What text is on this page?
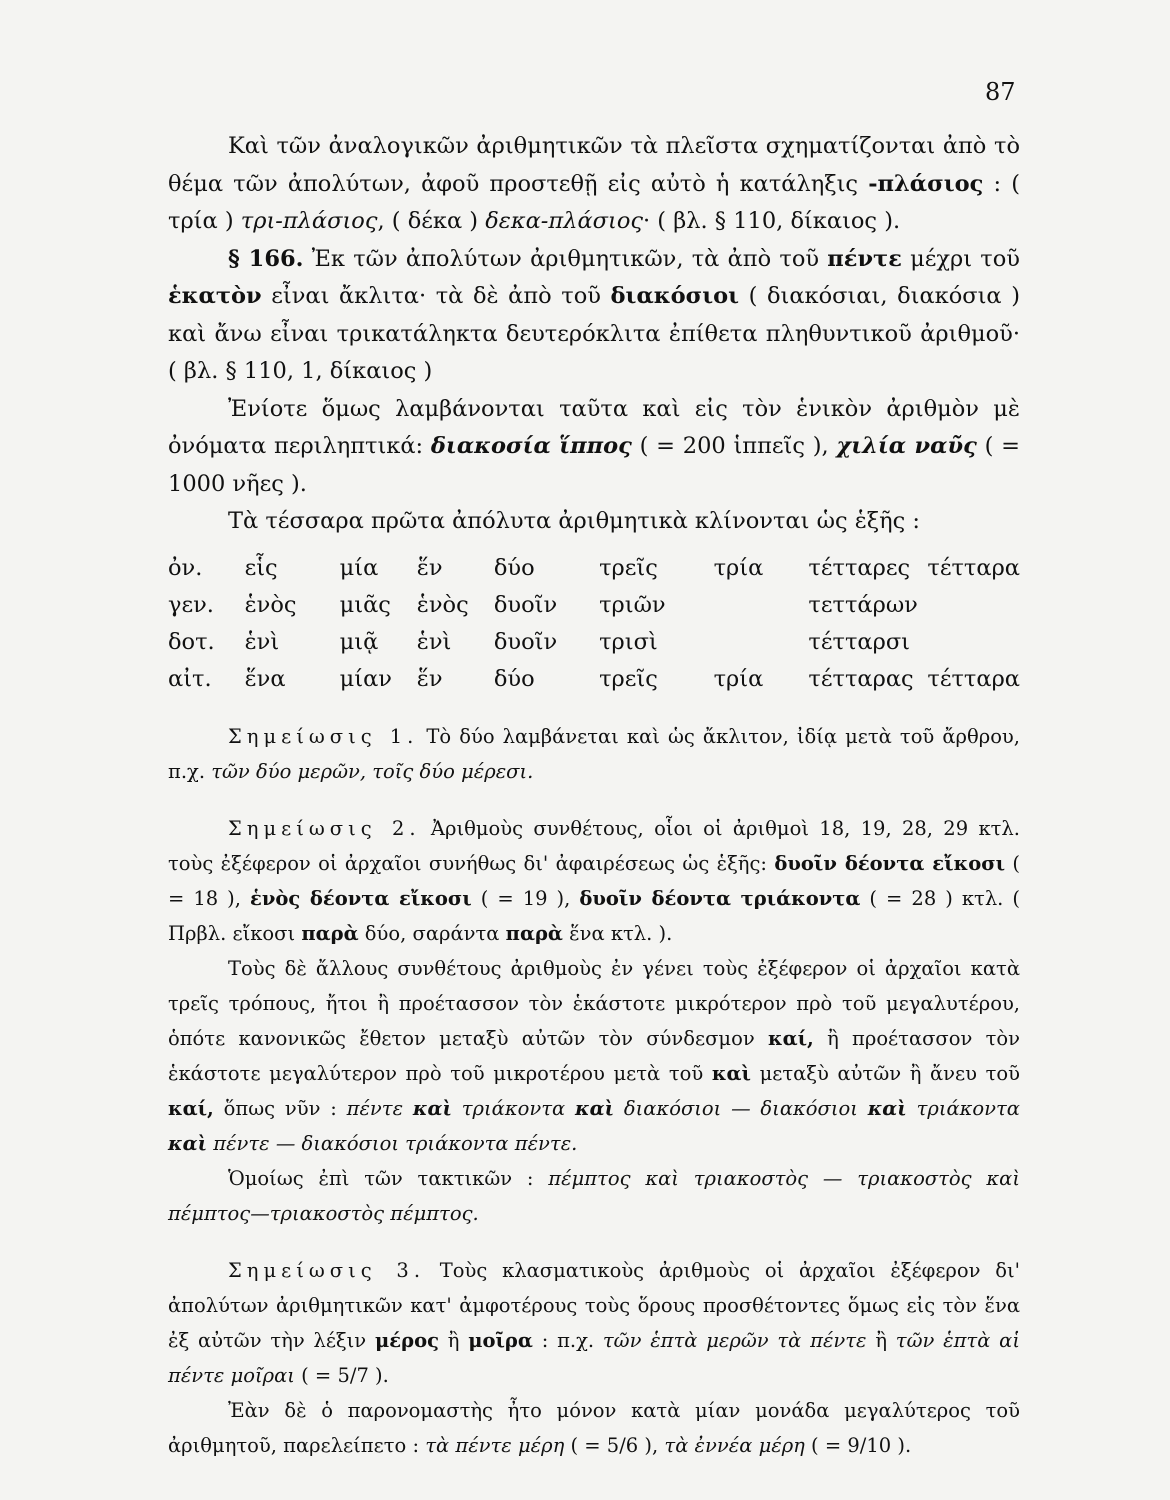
87

Καὶ τῶν ἀναλογικῶν ἀριθμητικῶν τὰ πλεῖστα σχηματίζονται ἀπὸ τὸ θέμα τῶν ἀπολύτων, ἀφοῦ προστεθῇ εἰς αὐτὸ ἡ κατάληξις -πλάσιος : ( τρία ) τρι-πλάσιος, ( δέκα ) δεκα-πλάσιος· ( βλ. § 110, δίκαιος ).

§ 166. Ἐκ τῶν ἀπολύτων ἀριθμητικῶν, τὰ ἀπὸ τοῦ πέντε μέχρι τοῦ ἑκατὸν εἶναι ἄκλιτα· τὰ δὲ ἀπὸ τοῦ διακόσιοι ( διακόσιαι, διακόσια ) καὶ ἄνω εἶναι τρικατάληκτα δευτερόκλιτα ἐπίθετα πληθυντικοῦ ἀριθμοῦ· ( βλ. § 110, 1, δίκαιος )

Ἐνίοτε ὅμως λαμβάνονται ταῦτα καὶ εἰς τὸν ἑνικὸν ἀριθμὸν μὲ ὀνόματα περιληπτικά: διακοσία ἵππος ( = 200 ἱππεῖς ), χιλία ναῦς ( = 1000 νῆες ).

Τὰ τέσσαρα πρῶτα ἀπόλυτα ἀριθμητικὰ κλίνονται ὡς ἑξῆς :

ὀν.	εἷς	μία	ἕν	δύο	τρεῖς	τρία	τέτταρες	τέτταρα
γεν.	ἑνὸς	μιᾶς	ἑνὸς	δυοῖν	τριῶν		τεττάρων	
δοτ.	ἑνὶ	μιᾷ	ἑνὶ	δυοῖν	τρισὶ		τέτταρσι	
αἰτ.	ἕνα	μίαν	ἕν	δύο	τρεῖς	τρία	τέτταρας	τέτταρα

Σημείωσις 1. Τὸ δύο λαμβάνεται καὶ ὡς ἄκλιτον, ἰδίᾳ μετὰ τοῦ ἄρθρου, π.χ. τῶν δύο μερῶν, τοῖς δύο μέρεσι.

Σημείωσις 2. Ἀριθμοὺς συνθέτους, οἷοι οἱ ἀριθμοὶ 18, 19, 28, 29 κτλ. τοὺς ἐξέφερον οἱ ἀρχαῖοι συνήθως δι' ἀφαιρέσεως ὡς ἑξῆς: δυοῖν δέοντα εἴκοσι ( = 18 ), ἑνὸς δέοντα εἴκοσι ( = 19 ), δυοῖν δέοντα τριάκοντα ( = 28 ) κτλ. ( Πρβλ. εἴκοσι παρὰ δύο, σαράντα παρὰ ἕνα κτλ. ).

Τοὺς δὲ ἄλλους συνθέτους ἀριθμοὺς ἐν γένει τοὺς ἐξέφερον οἱ ἀρχαῖοι κατὰ τρεῖς τρόπους, ἤτοι ἢ προέτασσον τὸν ἑκάστοτε μικρότερον πρὸ τοῦ μεγαλυτέρου, ὁπότε κανονικῶς ἔθετον μεταξὺ αὐτῶν τὸν σύνδεσμον καί, ἢ προέτασσον τὸν ἑκάστοτε μεγαλύτερον πρὸ τοῦ μικροτέρου μετὰ τοῦ καὶ μεταξὺ αὐτῶν ἢ ἄνευ τοῦ καί, ὅπως νῦν : πέντε καὶ τριάκοντα καὶ διακόσιοι — διακόσιοι καὶ τριάκοντα καὶ πέντε — διακόσιοι τριάκοντα πέντε.

Ὁμοίως ἐπὶ τῶν τακτικῶν : πέμπτος καὶ τριακοστὸς — τριακοστὸς καὶ πέμπτος—τριακοστὸς πέμπτος.

Σημείωσις 3. Τοὺς κλασματικοὺς ἀριθμοὺς οἱ ἀρχαῖοι ἐξέφερον δι' ἀπολύτων ἀριθμητικῶν κατ' ἀμφοτέρους τοὺς ὅρους προσθέτοντες ὅμως εἰς τὸν ἕνα ἐξ αὐτῶν τὴν λέξιν μέρος ἢ μοῖρα : π.χ. τῶν ἑπτὰ μερῶν τὰ πέντε ἢ τῶν ἑπτὰ αἱ πέντε μοῖραι ( = 5/7 ).

Ἐὰν δὲ ὁ παρονομαστὴς ἦτο μόνον κατὰ μίαν μονάδα μεγαλύτερος τοῦ ἀριθμητοῦ, παρελείπετο : τὰ πέντε μέρη ( = 5/6 ), τὰ ἐννέα μέρη ( = 9/10 ).
